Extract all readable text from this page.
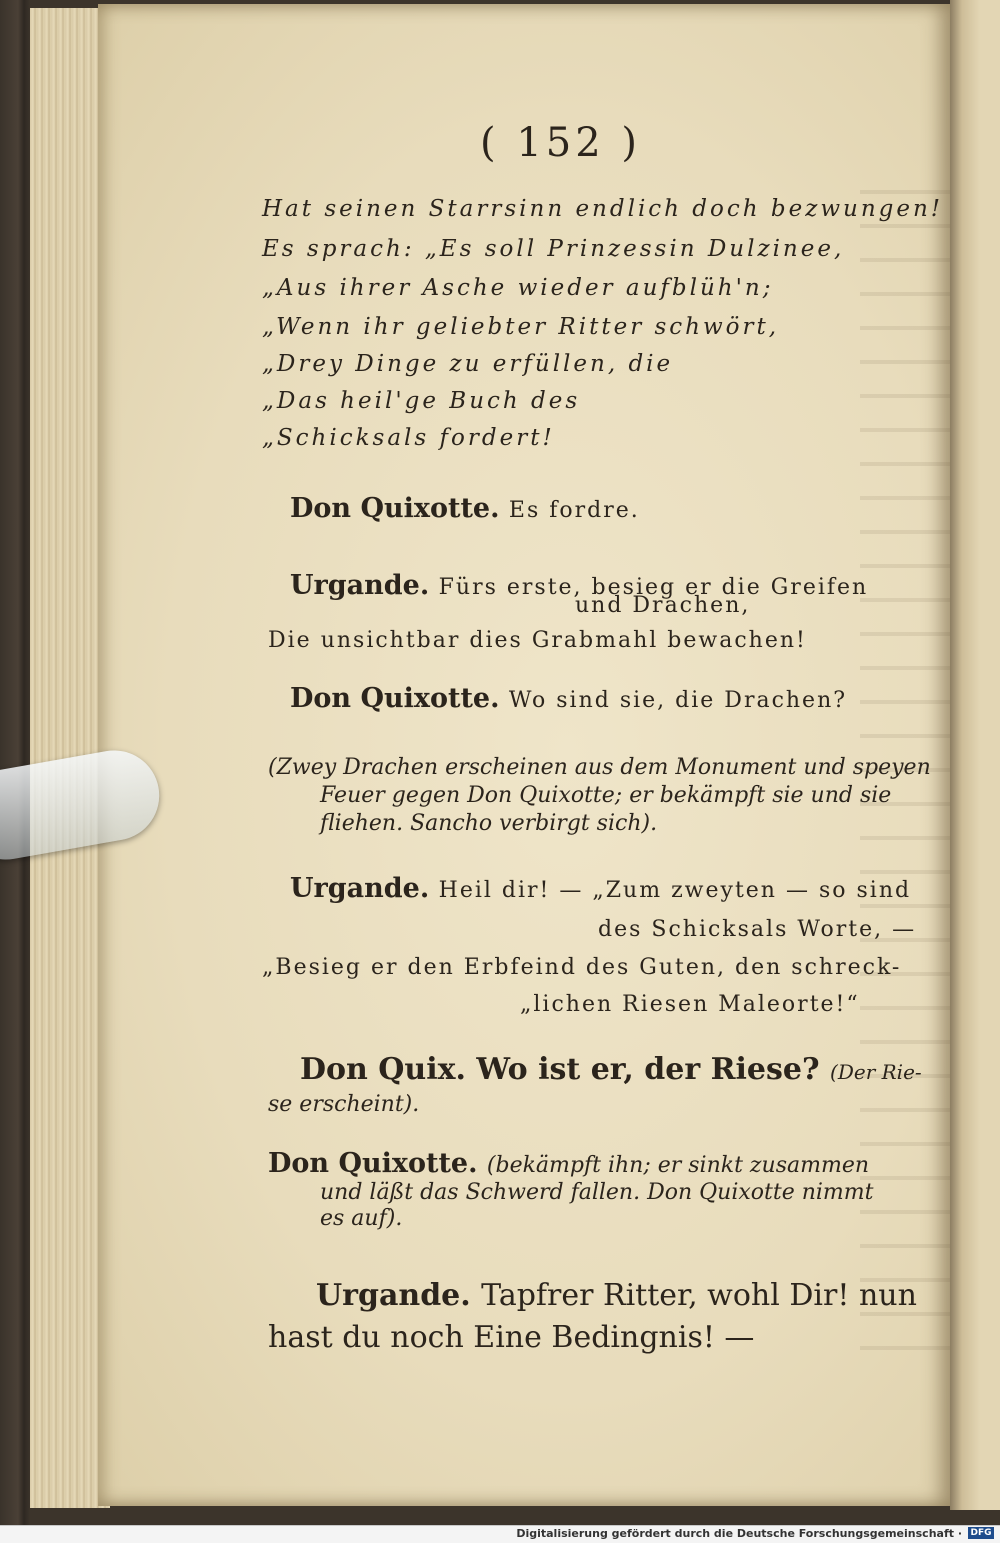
( 152 )
Hat seinen Starrsinn endlich doch bezwungen!
Es sprach: „Es soll Prinzessin Dulzinee,
„Aus ihrer Asche wieder aufblüh'n;
„Wenn ihr geliebter Ritter schwört,
„Drey Dinge zu erfüllen, die
„Das heil'ge Buch des
„Schicksals fordert!
Don Quixotte. Es fordre.
Urgande. Fürs erste, besieg er die Greifen
und Drachen,
Die unsichtbar dies Grabmahl bewachen!
Don Quixotte. Wo sind sie, die Drachen?
(Zwey Drachen erscheinen aus dem Monument und speyen
Feuer gegen Don Quixotte; er bekämpft sie und sie
fliehen. Sancho verbirgt sich).
Urgande. Heil dir! — „Zum zweyten — so sind
des Schicksals Worte, —
„Besieg er den Erbfeind des Guten, den schreck-
„lichen Riesen Maleorte!“
Don Quix. Wo ist er, der Riese? (Der Rie-
se erscheint).
Don Quixotte. (bekämpft ihn; er sinkt zusammen
und läßt das Schwerd fallen. Don Quixotte nimmt
es auf).
Urgande. Tapfrer Ritter, wohl Dir! nun
hast du noch Eine Bedingnis! —
Digitalisierung gefördert durch die Deutsche Forschungsgemeinschaft · DFG
